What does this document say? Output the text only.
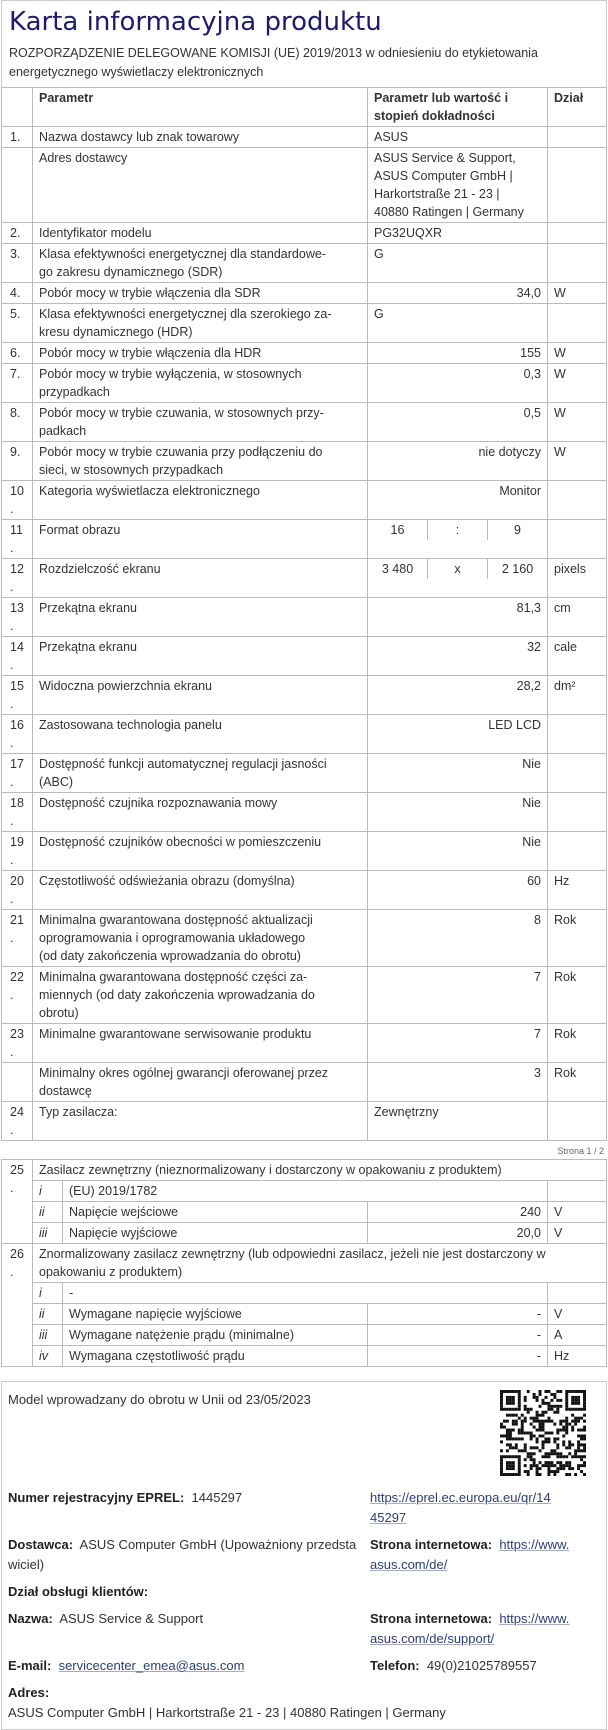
Karta informacyjna produktu
ROZPORZĄDZENIE DELEGOWANE KOMISJI (UE) 2019/2013 w odniesieniu do etykietowania energetycznego wyświetlaczy elektronicznych
	Parametr	Parametr lub wartość i
stopień dokładności	Dział
1.	Nazwa dostawcy lub znak towarowy	ASUS	
	Adres dostawcy	ASUS Service & Support,
ASUS Computer GmbH |
Harkortstraße 21 - 23 |
40880 Ratingen | Germany	
2.	Identyfikator modelu	PG32UQXR	
3.	Klasa efektywności energetycznej dla standardowe-
go zakresu dynamicznego (SDR)	G	
4.	Pobór mocy w trybie włączenia dla SDR	34,0	W
5.	Klasa efektywności energetycznej dla szerokiego za-
kresu dynamicznego (HDR)	G	
6.	Pobór mocy w trybie włączenia dla HDR	155	W
7.	Pobór mocy w trybie wyłączenia, w stosownych
przypadkach	0,3	W
8.	Pobór mocy w trybie czuwania, w stosownych przy-
padkach	0,5	W
9.	Pobór mocy w trybie czuwania przy podłączeniu do
sieci, w stosownych przypadkach	nie dotyczy	W
10.	Kategoria wyświetlacza elektronicznego	Monitor	
11.	Format obrazu	16 : 9	

12.	Rozdzielczość ekranu	3 480 x 2 160	pixels
13.	Przekątna ekranu	81,3	cm
14.	Przekątna ekranu	32	cale
15.	Widoczna powierzchnia ekranu	28,2	dm²
16.	Zastosowana technologia panelu	LED LCD	
17.	Dostępność funkcji automatycznej regulacji jasności
(ABC)	Nie	
18.	Dostępność czujnika rozpoznawania mowy	Nie	
19.	Dostępność czujników obecności w pomieszczeniu	Nie	
20.	Częstotliwość odświeżania obrazu (domyślna)	60	Hz
21.	Minimalna gwarantowana dostępność aktualizacji
oprogramowania i oprogramowania układowego
(od daty zakończenia wprowadzania do obrotu)	8	Rok
22.	Minimalna gwarantowana dostępność części za-
miennych (od daty zakończenia wprowadzania do
obrotu)	7	Rok
23.	Minimalne gwarantowane serwisowanie produktu	7	Rok
	Minimalny okres ogólnej gwarancji oferowanej przez
dostawcę	3	Rok
24.	Typ zasilacza:	Zewnętrzny	
Strona 1 / 2
25.	Zasilacz zewnętrzny (nieznormalizowany i dostarczony w opakowaniu z produktem)			
	i	(EU) 2019/1782		
	ii	Napięcie wejściowe	240	V
	iii	Napięcie wyjściowe	20,0	V
26.	Znormalizowany zasilacz zewnętrzny (lub odpowiedni zasilacz, jeżeli nie jest dostarczony w
opakowaniu z produktem)			
	i	-		
	ii	Wymagane napięcie wyjściowe	-	V
	iii	Wymagane natężenie prądu (minimalne)	-	A
	iv	Wymagana częstotliwość prądu	-	Hz
Model wprowadzany do obrotu w Unii od 23/05/2023
Numer rejestracyjny EPREL: 1445297	https://eprel.ec.europa.eu/qr/14
45297
Dostawca: ASUS Computer GmbH (Upoważniony przedsta
wiciel)
Strona internetowa: https://www.
asus.com/de/
Dział obsługi klientów:
Nazwa: ASUS Service & Support	Strona internetowa: https://www.
asus.com/de/support/
E-mail: servicecenter_emea@asus.com	Telefon: 49(0)21025789557
Adres:
ASUS Computer GmbH | Harkortstraße 21 - 23 | 40880 Ratingen | Germany
